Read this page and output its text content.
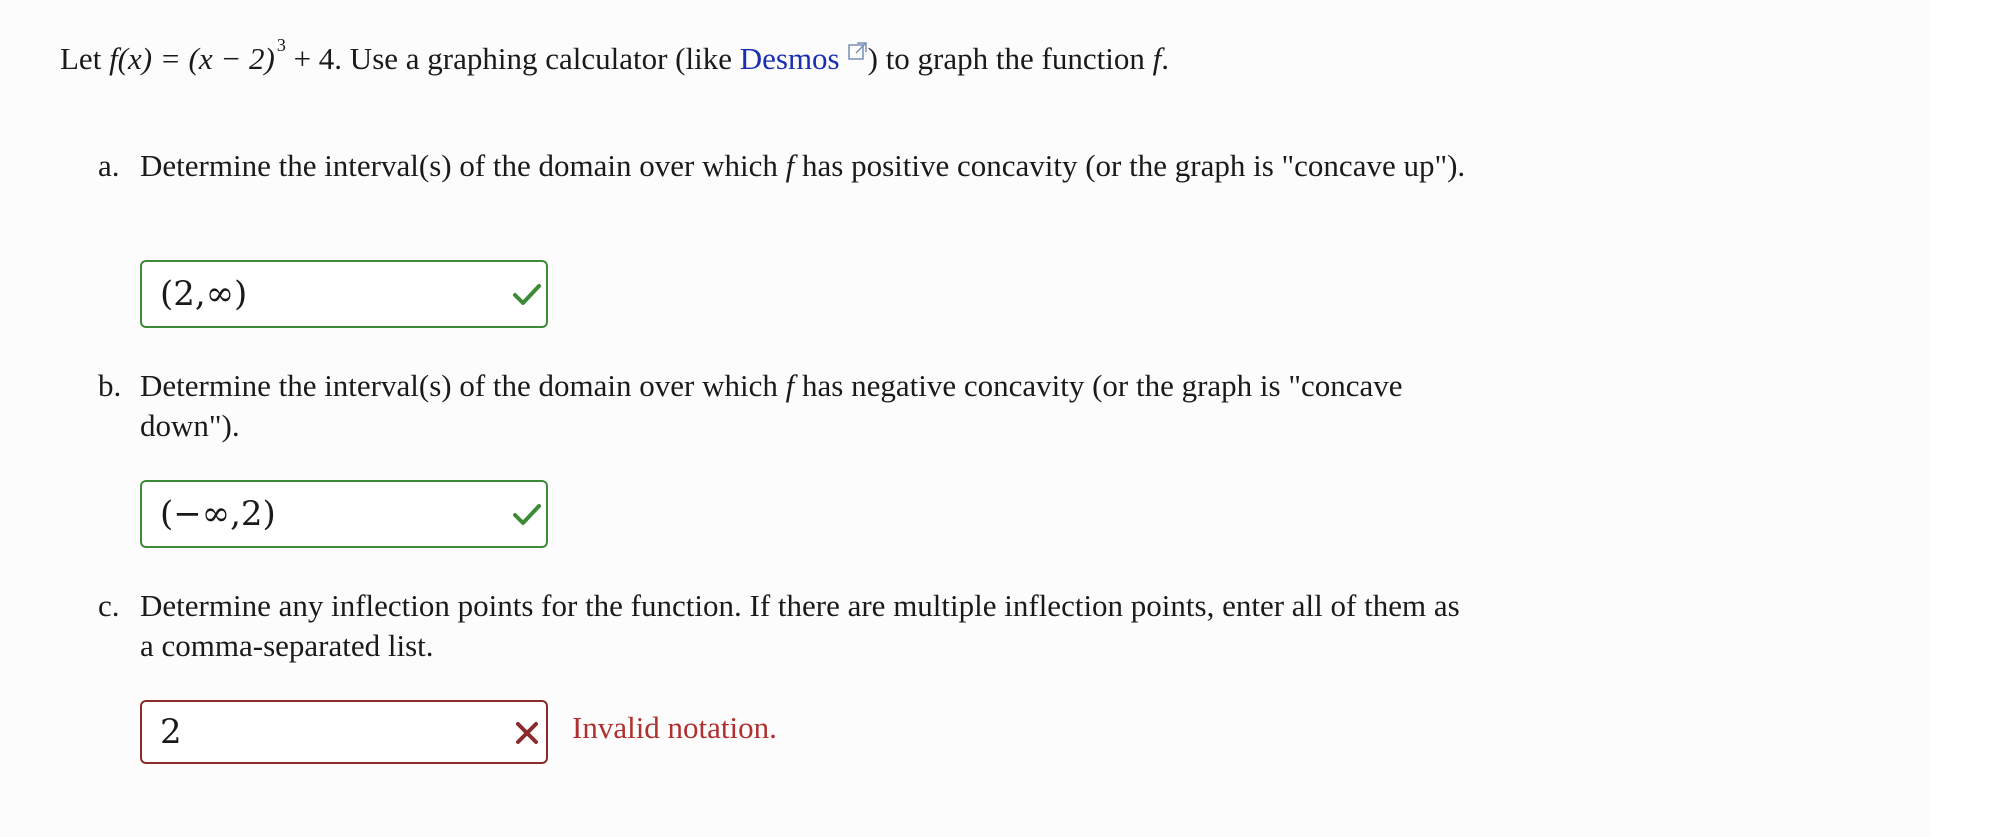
Let f(x) = (x − 2) $^3$ + 4. Use a graphing calculator (like Desmos ) to graph the function f.
a. Determine the interval(s) of the domain over which f has positive concavity (or the graph is "concave up").
(2,∞)
b. Determine the interval(s) of the domain over which f has negative concavity (or the graph is "concave down").
(−∞,2)
c. Determine any inflection points for the function. If there are multiple inflection points, enter all of them as a comma-separated list.
2	Invalid notation.
